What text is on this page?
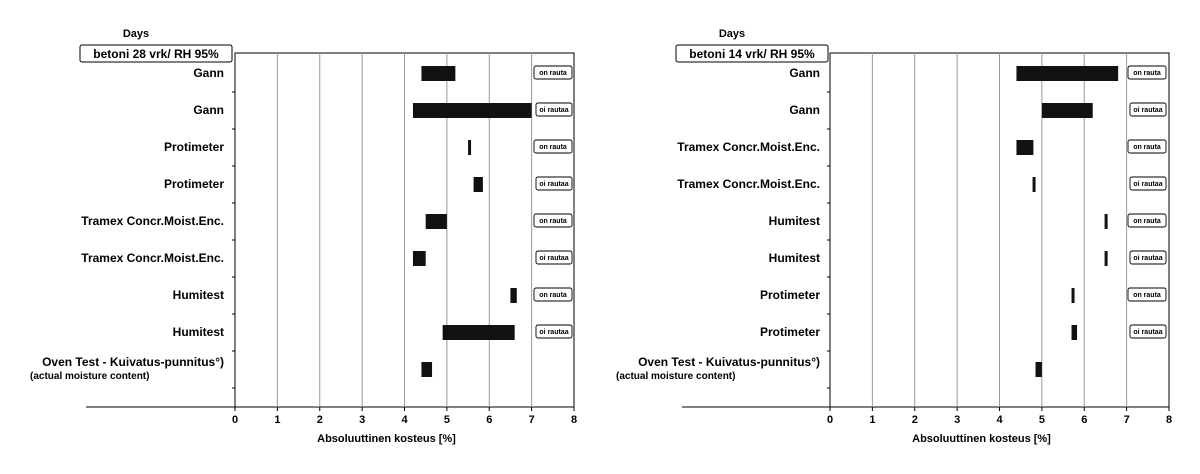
Days
betoni 28 vrk/ RH 95%
Gann	on rauta
Gann	oi rautaa
Protimeter	on rauta
Protimeter	oi rautaa
Tramex Concr.Moist.Enc.	on rauta
Tramex Concr.Moist.Enc.	oi rautaa
Humitest	on rauta
Humitest	oi rautaa
Oven Test - Kuivatus-punnitus°)
(actual moisture content)
0	1	2	3	4	5	6	7	8
Absoluuttinen kosteus [%]
Days
betoni 14 vrk/ RH 95%
Gann	on rauta
Gann	oi rautaa
Tramex Concr.Moist.Enc.	on rauta
Tramex Concr.Moist.Enc.	oi rautaa
Humitest	on rauta
Humitest	oi rautaa
Protimeter	on rauta
Protimeter	oi rautaa
Oven Test - Kuivatus-punnitus°)
(actual moisture content)
0	1	2	3	4	5	6	7	8
Absoluuttinen kosteus [%]
